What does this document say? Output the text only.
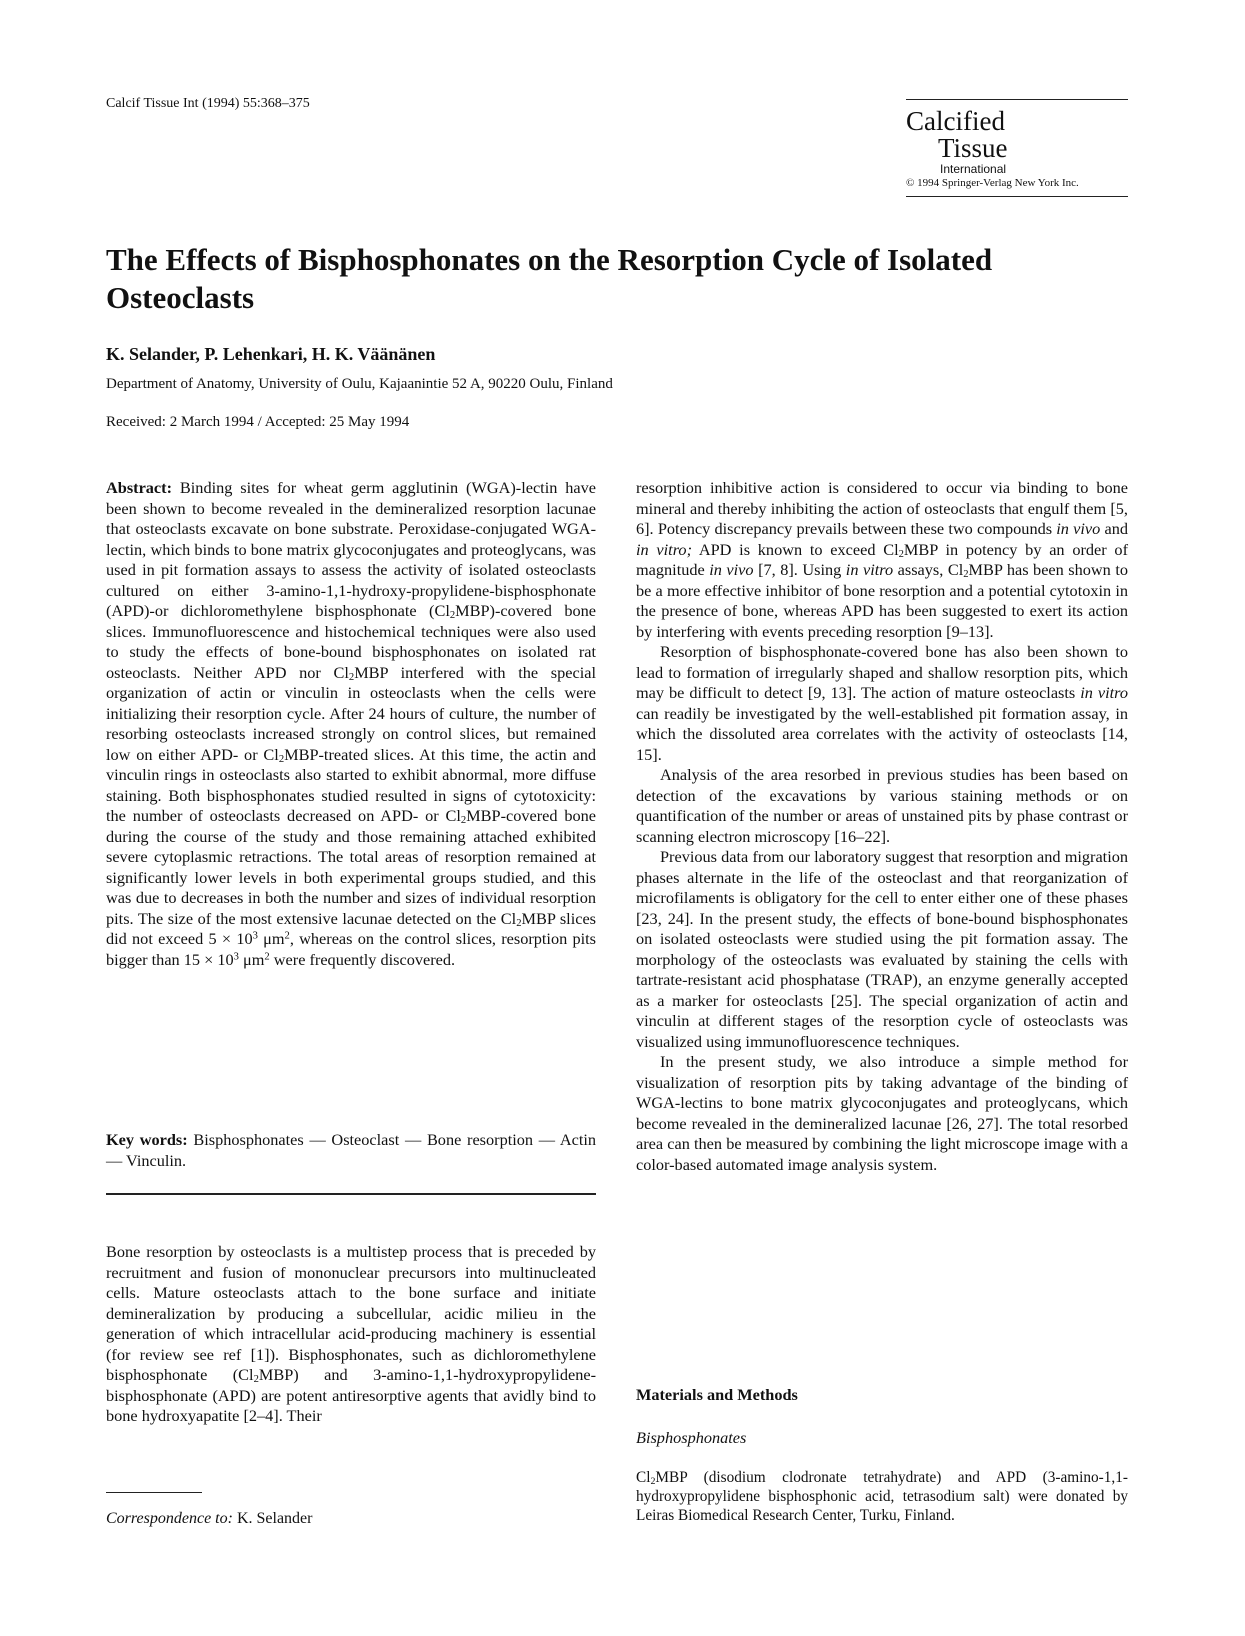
Calcif Tissue Int (1994) 55:368–375
Calcified
Tissue
International
© 1994 Springer-Verlag New York Inc.
The Effects of Bisphosphonates on the Resorption Cycle of Isolated Osteoclasts
K. Selander, P. Lehenkari, H. K. Väänänen
Department of Anatomy, University of Oulu, Kajaanintie 52 A, 90220 Oulu, Finland
Received: 2 March 1994 / Accepted: 25 May 1994

Abstract: Binding sites for wheat germ agglutinin (WGA)-lectin have been shown to become revealed in the demineralized resorption lacunae that osteoclasts excavate on bone substrate. Peroxidase-conjugated WGA-lectin, which binds to bone matrix glycoconjugates and proteoglycans, was used in pit formation assays to assess the activity of isolated osteoclasts cultured on either 3-amino-1,1-hydroxy-propylidene-bisphosphonate (APD)-or dichloromethylene bisphosphonate $(Cl_2MBP)$-covered bone slices. Immunofluorescence and histochemical techniques were also used to study the effects of bone-bound bisphosphonates on isolated rat osteoclasts. Neither APD nor $Cl_2MBP$ interfered with the special organization of actin or vinculin in osteoclasts when the cells were initializing their resorption cycle. After 24 hours of culture, the number of resorbing osteoclasts increased strongly on control slices, but remained low on either APD- or $Cl_2MBP$-treated slices. At this time, the actin and vinculin rings in osteoclasts also started to exhibit abnormal, more diffuse staining. Both bisphosphonates studied resulted in signs of cytotoxicity: the number of osteoclasts decreased on APD- or $Cl_2MBP$-covered bone during the course of the study and those remaining attached exhibited severe cytoplasmic retractions. The total areas of resorption remained at significantly lower levels in both experimental groups studied, and this was due to decreases in both the number and sizes of individual resorption pits. The size of the most extensive lacunae detected on the $Cl_2MBP$ slices did not exceed $5 \times 10^3$ $\mu m^2$, whereas on the control slices, resorption pits bigger than $15 \times 10^3$ $\mu m^2$ were frequently discovered.

Key words: Bisphosphonates — Osteoclast — Bone resorption — Actin — Vinculin.

Bone resorption by osteoclasts is a multistep process that is preceded by recruitment and fusion of mononuclear precursors into multinucleated cells. Mature osteoclasts attach to the bone surface and initiate demineralization by producing a subcellular, acidic milieu in the generation of which intracellular acid-producing machinery is essential (for review see ref [1]). Bisphosphonates, such as dichloromethylene bisphosphonate $(Cl_2MBP)$ and 3-amino-1,1-hydroxypropylidene-bisphosphonate (APD) are potent antiresorptive agents that avidly bind to bone hydroxyapatite [2–4]. Their

Correspondence to: K. Selander

resorption inhibitive action is considered to occur via binding to bone mineral and thereby inhibiting the action of osteoclasts that engulf them [5, 6]. Potency discrepancy prevails between these two compounds in vivo and in vitro; APD is known to exceed $Cl_2MBP$ in potency by an order of magnitude in vivo [7, 8]. Using in vitro assays, $Cl_2MBP$ has been shown to be a more effective inhibitor of bone resorption and a potential cytotoxin in the presence of bone, whereas APD has been suggested to exert its action by interfering with events preceding resorption [9–13].

Resorption of bisphosphonate-covered bone has also been shown to lead to formation of irregularly shaped and shallow resorption pits, which may be difficult to detect [9, 13]. The action of mature osteoclasts in vitro can readily be investigated by the well-established pit formation assay, in which the dissoluted area correlates with the activity of osteoclasts [14, 15].

Analysis of the area resorbed in previous studies has been based on detection of the excavations by various staining methods or on quantification of the number or areas of unstained pits by phase contrast or scanning electron microscopy [16–22].

Previous data from our laboratory suggest that resorption and migration phases alternate in the life of the osteoclast and that reorganization of microfilaments is obligatory for the cell to enter either one of these phases [23, 24]. In the present study, the effects of bone-bound bisphosphonates on isolated osteoclasts were studied using the pit formation assay. The morphology of the osteoclasts was evaluated by staining the cells with tartrate-resistant acid phosphatase (TRAP), an enzyme generally accepted as a marker for osteoclasts [25]. The special organization of actin and vinculin at different stages of the resorption cycle of osteoclasts was visualized using immunofluorescence techniques.

In the present study, we also introduce a simple method for visualization of resorption pits by taking advantage of the binding of WGA-lectins to bone matrix glycoconjugates and proteoglycans, which become revealed in the demineralized lacunae [26, 27]. The total resorbed area can then be measured by combining the light microscope image with a color-based automated image analysis system.

Materials and Methods
Bisphosphonates

$Cl_2MBP$ (disodium clodronate tetrahydrate) and APD (3-amino-1,1-hydroxypropylidene bisphosphonic acid, tetrasodium salt) were donated by Leiras Biomedical Research Center, Turku, Finland.
